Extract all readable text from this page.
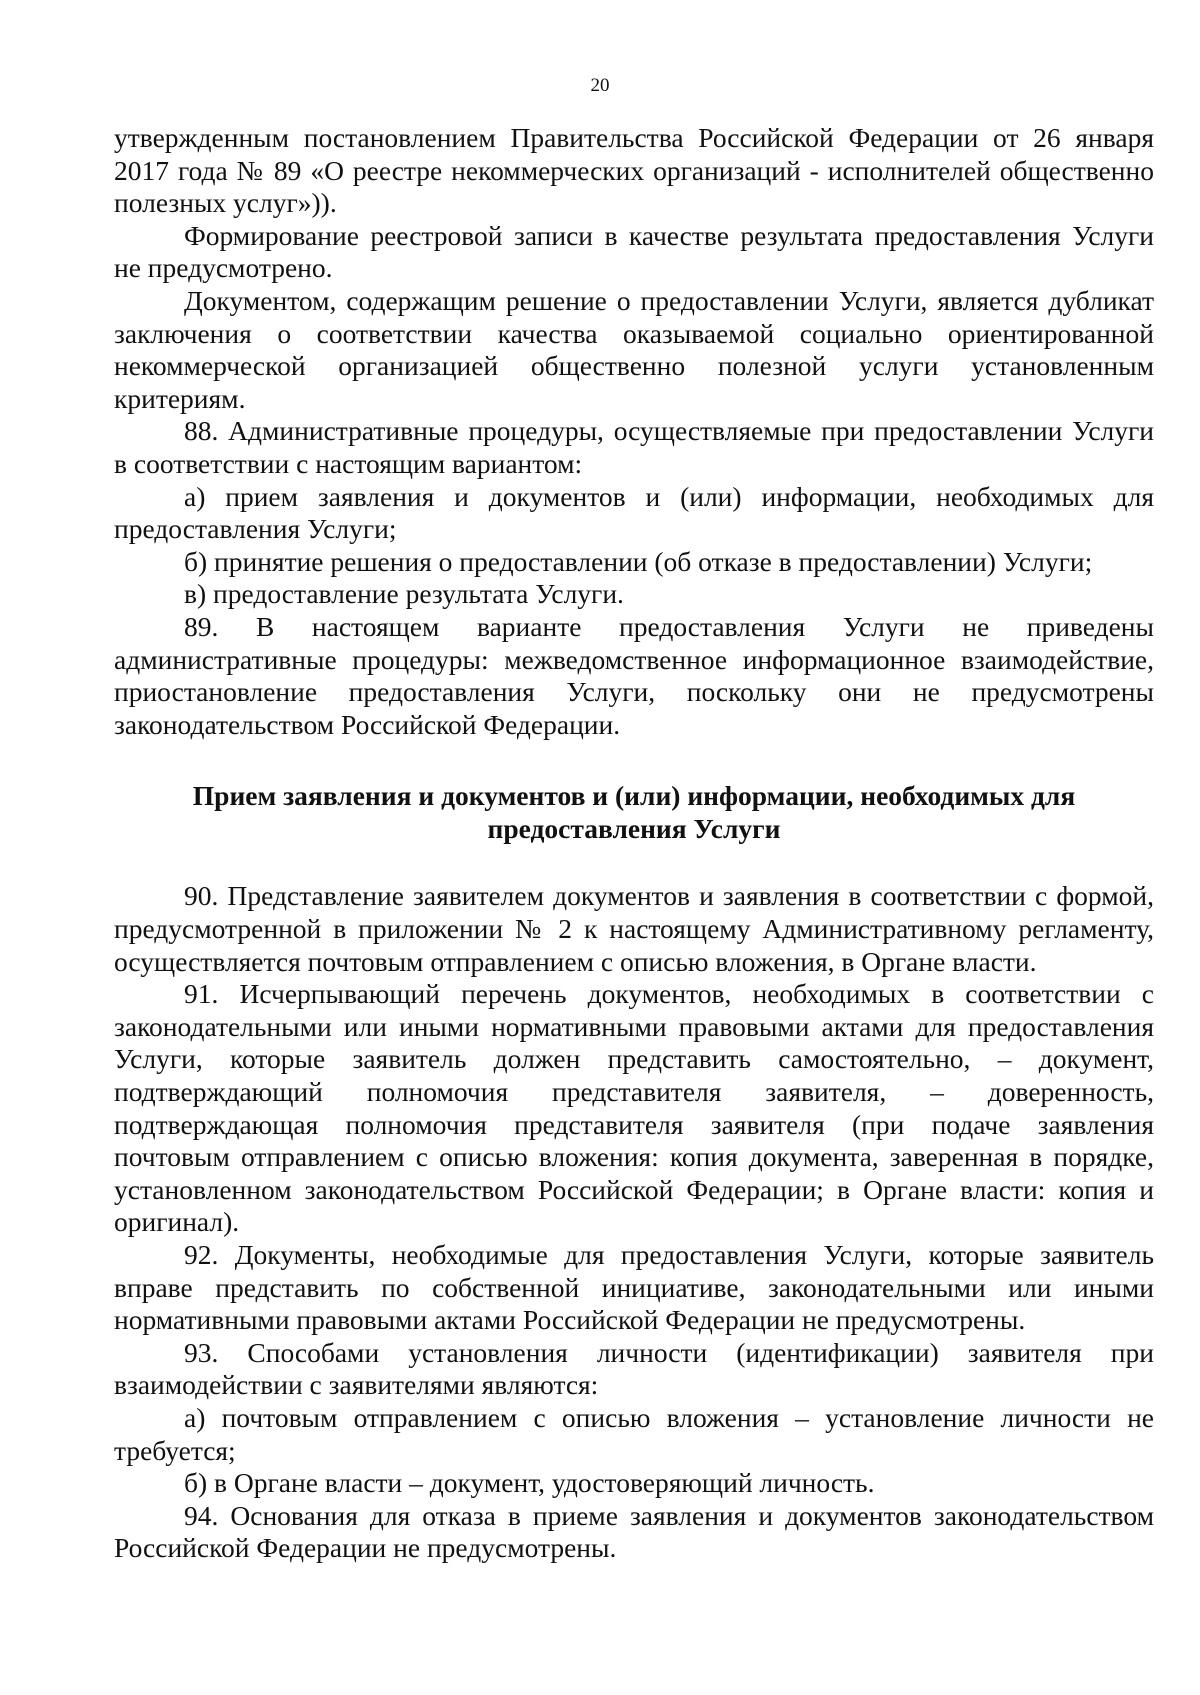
20

утвержденным постановлением Правительства Российской Федерации от 26 января 2017 года № 89 «О реестре некоммерческих организаций - исполнителей общественно полезных услуг»)).

Формирование реестровой записи в качестве результата предоставления Услуги не предусмотрено.

Документом, содержащим решение о предоставлении Услуги, является дубликат заключения о соответствии качества оказываемой социально ориентированной некоммерческой организацией общественно полезной услуги установленным критериям.

88. Административные процедуры, осуществляемые при предоставлении Услуги в соответствии с настоящим вариантом:

а) прием заявления и документов и (или) информации, необходимых для предоставления Услуги;

б) принятие решения о предоставлении (об отказе в предоставлении) Услуги;

в) предоставление результата Услуги.

89. В настоящем варианте предоставления Услуги не приведены административные процедуры: межведомственное информационное взаимодействие, приостановление предоставления Услуги, поскольку они не предусмотрены законодательством Российской Федерации.

Прием заявления и документов и (или) информации, необходимых для
предоставления Услуги

90. Представление заявителем документов и заявления в соответствии с формой, предусмотренной в приложении № 2 к настоящему Административному регламенту, осуществляется почтовым отправлением с описью вложения, в Органе власти.

91. Исчерпывающий перечень документов, необходимых в соответствии с законодательными или иными нормативными правовыми актами для предоставления Услуги, которые заявитель должен представить самостоятельно, – документ, подтверждающий полномочия представителя заявителя, – доверенность, подтверждающая полномочия представителя заявителя (при подаче заявления почтовым отправлением с описью вложения: копия документа, заверенная в порядке, установленном законодательством Российской Федерации; в Органе власти: копия и оригинал).

92. Документы, необходимые для предоставления Услуги, которые заявитель вправе представить по собственной инициативе, законодательными или иными нормативными правовыми актами Российской Федерации не предусмотрены.

93. Способами установления личности (идентификации) заявителя при взаимодействии с заявителями являются:

а) почтовым отправлением с описью вложения – установление личности не требуется;

б) в Органе власти – документ, удостоверяющий личность.

94. Основания для отказа в приеме заявления и документов законодательством Российской Федерации не предусмотрены.
